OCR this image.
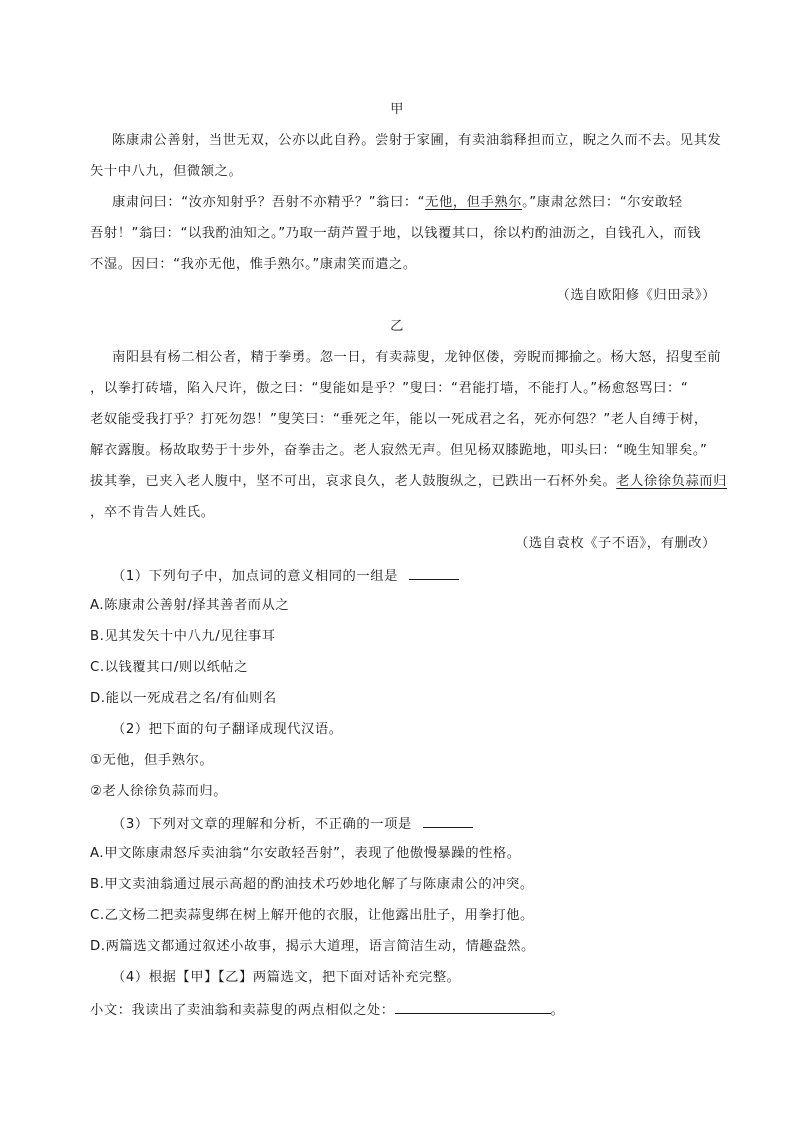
甲
陈康肃公善射，当世无双，公亦以此自矜。尝射于家圃，有卖油翁释担而立，睨之久而不去。见其发
矢十中八九，但微颔之。
康肃问曰：“汝亦知射乎？吾射不亦精乎？”翁曰：“无他，但手熟尔。”康肃忿然曰：“尔安敢轻
吾射！”翁曰：“以我酌油知之。”乃取一葫芦置于地，以钱覆其口，徐以杓酌油沥之，自钱孔入，而钱
不湿。因曰：“我亦无他，惟手熟尔。”康肃笑而遣之。
（选自欧阳修《归田录》）
乙
南阳县有杨二相公者，精于拳勇。忽一日，有卖蒜叟，龙钟伛偻，旁睨而揶揄之。杨大怒，招叟至前
，以拳打砖墙，陷入尺许，傲之曰：“叟能如是乎？”叟曰：“君能打墙，不能打人。”杨愈怒骂曰：“
老奴能受我打乎？打死勿怨！”叟笑曰：“垂死之年，能以一死成君之名，死亦何怨？”老人自缚于树，
解衣露腹。杨故取势于十步外，奋拳击之。老人寂然无声。但见杨双膝跪地，叩头曰：“晚生知罪矣。”
拔其拳，已夹入老人腹中，坚不可出，哀求良久，老人鼓腹纵之，已跌出一石杯外矣。老人徐徐负蒜而归
，卒不肯告人姓氏。
（选自袁枚《子不语》，有删改）
（1）下列句子中，加点词的意义相同的一组是
A.陈康肃公善射/择其善者而从之
B.见其发矢十中八九/见往事耳
C.以钱覆其口/则以纸帖之
D.能以一死成君之名/有仙则名
（2）把下面的句子翻译成现代汉语。
①无他，但手熟尔。
②老人徐徐负蒜而归。
（3）下列对文章的理解和分析，不正确的一项是
A.甲文陈康肃怒斥卖油翁“尔安敢轻吾射”，表现了他傲慢暴躁的性格。
B.甲文卖油翁通过展示高超的酌油技术巧妙地化解了与陈康肃公的冲突。
C.乙文杨二把卖蒜叟绑在树上解开他的衣服，让他露出肚子，用拳打他。
D.两篇选文都通过叙述小故事，揭示大道理，语言简洁生动，情趣盎然。
（4）根据【甲】【乙】两篇选文，把下面对话补充完整。
小文：我读出了卖油翁和卖蒜叟的两点相似之处：	。
